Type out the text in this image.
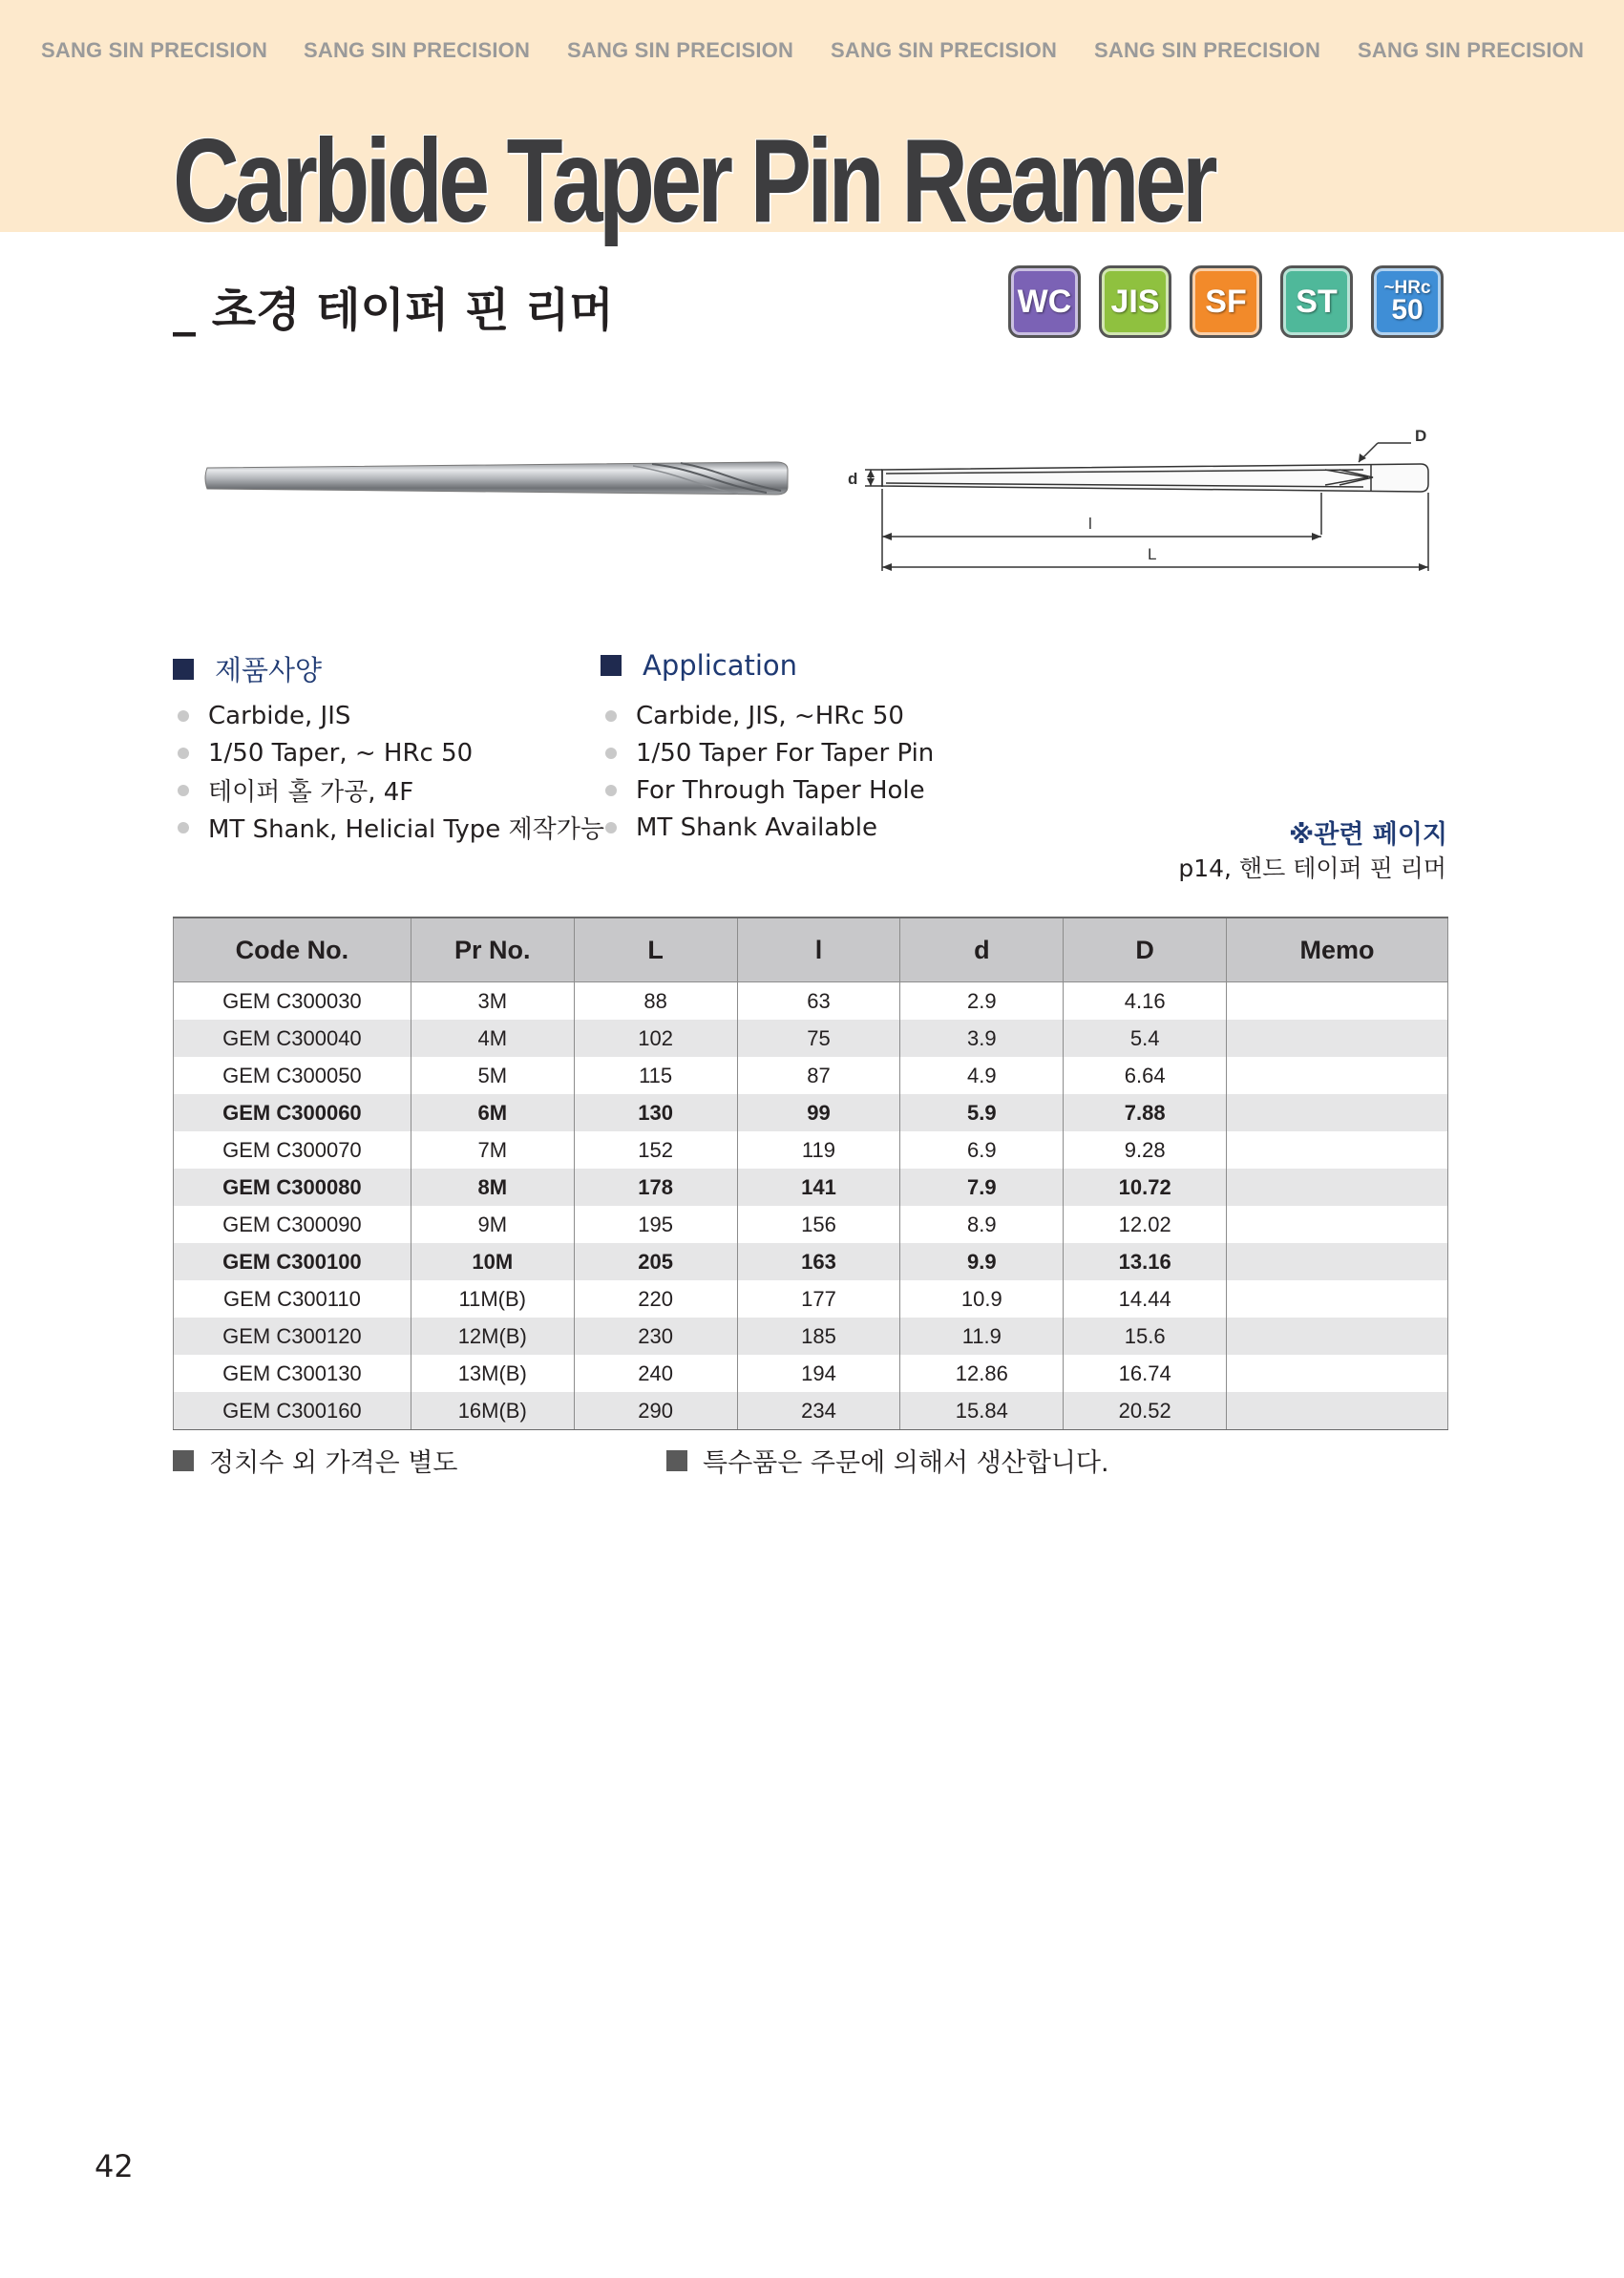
SANG SIN PRECISION SANG SIN PRECISION SANG SIN PRECISION SANG SIN PRECISION SANG SIN PRECISION SANG SIN PRECISION
Carbide Taper Pin Reamer
_ 초경 테이퍼 핀 리머	WC JIS SF ST	~HRc
50
d
D
l
L
제품사양
Carbide, JIS
1/50 Taper, ~ HRc 50
테이퍼 홀 가공, 4F
MT Shank, Helicial Type 제작가능
Application
Carbide, JIS, ~HRc 50
1/50 Taper For Taper Pin
For Through Taper Hole
MT Shank Available	※관련 페이지
p14, 핸드 테이퍼 핀 리머
Code No.	Pr No.	L	l	d	D	Memo
GEM C300030	3M	88	63	2.9	4.16	
GEM C300040	4M	102	75	3.9	5.4	
GEM C300050	5M	115	87	4.9	6.64	
GEM C300060	6M	130	99	5.9	7.88	
GEM C300070	7M	152	119	6.9	9.28	
GEM C300080	8M	178	141	7.9	10.72	
GEM C300090	9M	195	156	8.9	12.02	
GEM C300100	10M	205	163	9.9	13.16	
GEM C300110	11M(B)	220	177	10.9	14.44	
GEM C300120	12M(B)	230	185	11.9	15.6	
GEM C300130	13M(B)	240	194	12.86	16.74	
GEM C300160	16M(B)	290	234	15.84	20.52	
정치수 외 가격은 별도	특수품은 주문에 의해서 생산합니다.
42
